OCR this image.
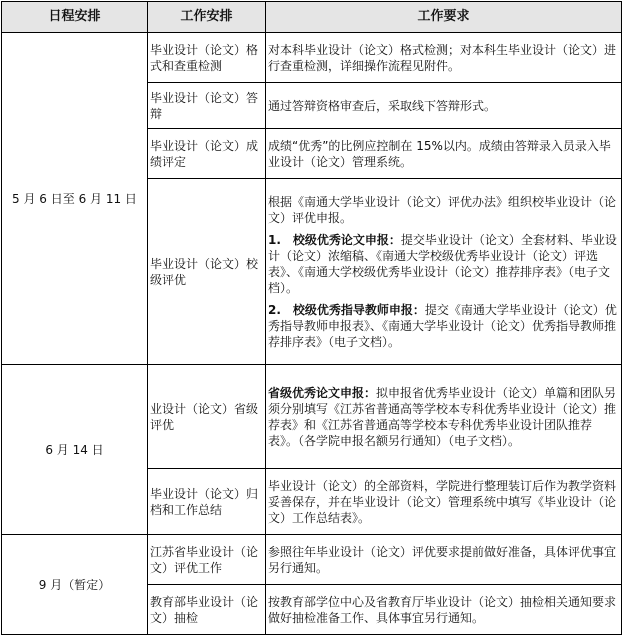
日程安排	工作安排	工作要求
5 月 6 日至 6 月 11 日	毕业设计（论文）格式和查重检测	对本科毕业设计（论文）格式检测；对本科生毕业设计（论文）进行查重检测，详细操作流程见附件。
	毕业设计（论文）答辩	通过答辩资格审查后，采取线下答辩形式。
	毕业设计（论文）成绩评定	成绩“优秀”的比例应控制在 15%以内。成绩由答辩录入员录入毕业设计（论文）管理系统。
	毕业设计（论文）校级评优	根据《南通大学毕业设计（论文）评优办法》组织校毕业设计（论文）评优申报。

1.　校级优秀论文申报：提交毕业设计（论文）全套材料、毕业设计（论文）浓缩稿、《南通大学校级优秀毕业设计（论文）评选表》、《南通大学校级优秀毕业设计（论文）推荐排序表》（电子文档）。

2.　校级优秀指导教师申报：提交《南通大学毕业设计（论文）优秀指导教师申报表》、《南通大学毕业设计（论文）优秀指导教师推荐排序表》（电子文档）。

6 月 14 日	业设计（论文）省级评优	省级优秀论文申报：拟申报省优秀毕业设计（论文）单篇和团队另须分别填写《江苏省普通高等学校本专科优秀毕业设计（论文）推荐表》和《江苏省普通高等学校本专科优秀毕业设计团队推荐表》。（各学院申报名额另行通知）（电子文档）。
	毕业设计（论文）归档和工作总结	毕业设计（论文）的全部资料，学院进行整理装订后作为教学资料妥善保存，并在毕业设计（论文）管理系统中填写《毕业设计（论文）工作总结表》。
9 月（暂定）	江苏省毕业设计（论文）评优工作	参照往年毕业设计（论文）评优要求提前做好准备，具体评优事宜另行通知。
	教育部毕业设计（论文）抽检	按教育部学位中心及省教育厅毕业设计（论文）抽检相关通知要求做好抽检准备工作、具体事宜另行通知。
